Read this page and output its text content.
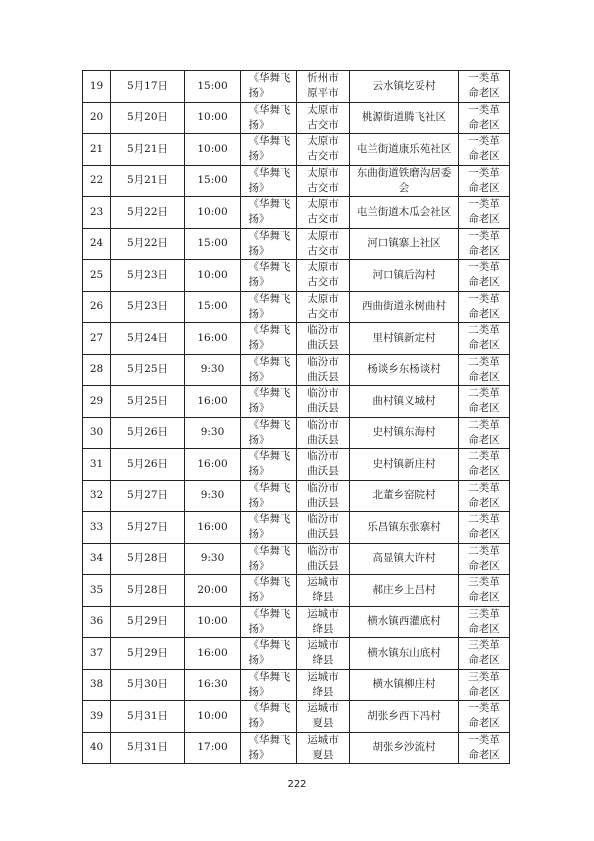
19	5月17日	15:00	《华舞飞扬》	忻州市原平市	云水镇圪妥村	一类革命老区

20	5月20日	10:00	《华舞飞扬》	太原市古交市	桃源街道腾飞社区	一类革命老区

21	5月21日	10:00	《华舞飞扬》	太原市古交市	屯兰街道康乐苑社区	一类革命老区

22	5月21日	15:00	《华舞飞扬》	太原市古交市	东曲街道铁磨沟居委会	一类革命老区

23	5月22日	10:00	《华舞飞扬》	太原市古交市	屯兰街道木瓜会社区	一类革命老区

24	5月22日	15:00	《华舞飞扬》	太原市古交市	河口镇寨上社区	一类革命老区

25	5月23日	10:00	《华舞飞扬》	太原市古交市	河口镇后沟村	一类革命老区

26	5月23日	15:00	《华舞飞扬》	太原市古交市	西曲街道永树曲村	一类革命老区

27	5月24日	16:00	《华舞飞扬》	临汾市曲沃县	里村镇新定村	二类革命老区

28	5月25日	9:30	《华舞飞扬》	临汾市曲沃县	杨谈乡东杨谈村	二类革命老区

29	5月25日	16:00	《华舞飞扬》	临汾市曲沃县	曲村镇义城村	二类革命老区

30	5月26日	9:30	《华舞飞扬》	临汾市曲沃县	史村镇东海村	二类革命老区

31	5月26日	16:00	《华舞飞扬》	临汾市曲沃县	史村镇新庄村	二类革命老区

32	5月27日	9:30	《华舞飞扬》	临汾市曲沃县	北董乡窑院村	二类革命老区

33	5月27日	16:00	《华舞飞扬》	临汾市曲沃县	乐昌镇东张寨村	二类革命老区

34	5月28日	9:30	《华舞飞扬》	临汾市曲沃县	高显镇大许村	二类革命老区

35	5月28日	20:00	《华舞飞扬》	运城市绛县	郝庄乡上吕村	三类革命老区

36	5月29日	10:00	《华舞飞扬》	运城市绛县	横水镇西灌底村	三类革命老区

37	5月29日	16:00	《华舞飞扬》	运城市绛县	横水镇东山底村	三类革命老区

38	5月30日	16:30	《华舞飞扬》	运城市绛县	横水镇柳庄村	三类革命老区

39	5月31日	10:00	《华舞飞扬》	运城市夏县	胡张乡西下冯村	一类革命老区

40	5月31日	17:00	《华舞飞扬》	运城市夏县	胡张乡沙流村	一类革命老区
222
